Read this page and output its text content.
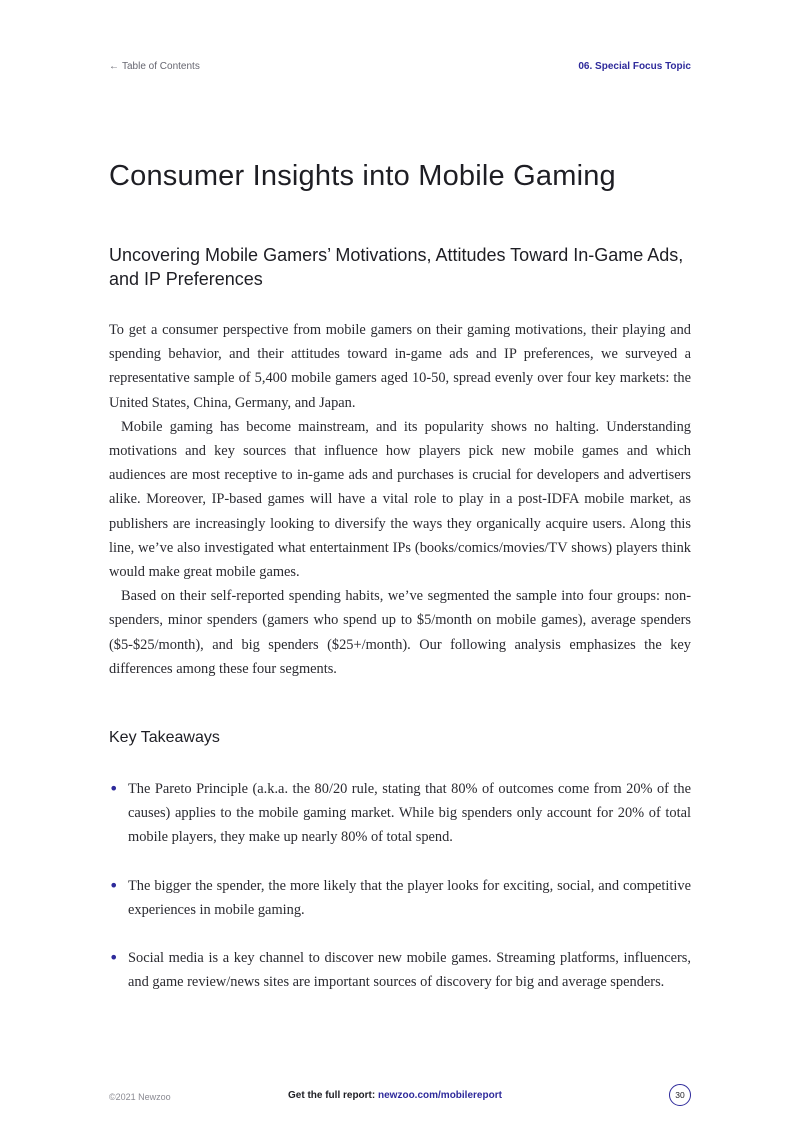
← Table of Contents	06. Special Focus Topic
Consumer Insights into Mobile Gaming
Uncovering Mobile Gamers’ Motivations, Attitudes Toward In-Game Ads, and IP Preferences

To get a consumer perspective from mobile gamers on their gaming motivations, their playing and spending behavior, and their attitudes toward in-game ads and IP preferences, we surveyed a representative sample of 5,400 mobile gamers aged 10-50, spread evenly over four key markets: the United States, China, Germany, and Japan.

Mobile gaming has become mainstream, and its popularity shows no halting. Understanding motivations and key sources that influence how players pick new mobile games and which audiences are most receptive to in-game ads and purchases is crucial for developers and advertisers alike. Moreover, IP-based games will have a vital role to play in a post-IDFA mobile market, as publishers are increasingly looking to diversify the ways they organically acquire users. Along this line, we’ve also investigated what entertainment IPs (books/comics/movies/TV shows) players think would make great mobile games.

Based on their self-reported spending habits, we’ve segmented the sample into four groups: non-spenders, minor spenders (gamers who spend up to $5/month on mobile games), average spenders ($5-$25/month), and big spenders ($25+/month). Our following analysis emphasizes the key differences among these four segments.

Key Takeaways
• The Pareto Principle (a.k.a. the 80/20 rule, stating that 80% of outcomes come from 20% of the causes) applies to the mobile gaming market. While big spenders only account for 20% of total mobile players, they make up nearly 80% of total spend.
• The bigger the spender, the more likely that the player looks for exciting, social, and competitive experiences in mobile gaming.
• Social media is a key channel to discover new mobile games. Streaming platforms, influencers, and game review/news sites are important sources of discovery for big and average spenders.
©2021 Newzoo	Get the full report: newzoo.com/mobilereport	30
